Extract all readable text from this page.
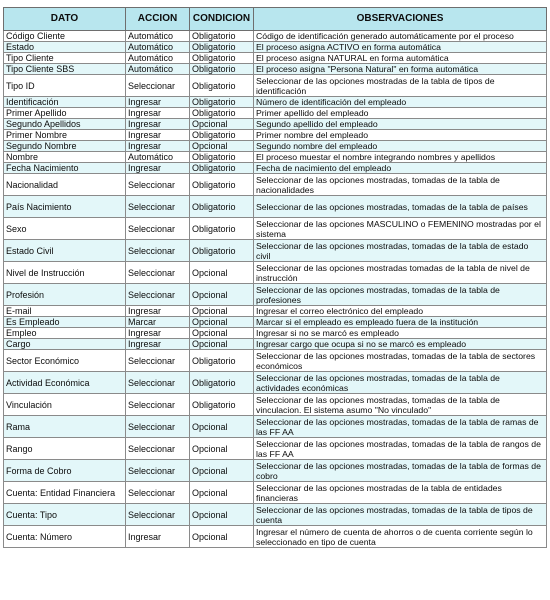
DATO	ACCION	CONDICION	OBSERVACIONES
Código Cliente	Automático	Obligatorio	Código de identificación generado automáticamente por el proceso
Estado	Automático	Obligatorio	El proceso asigna ACTIVO en forma automática
Tipo Cliente	Automático	Obligatorio	El proceso asigna NATURAL en forma automática
Tipo Cliente SBS	Automático	Obligatorio	El proceso asigna "Persona Natural" en forma automática
Tipo ID	Seleccionar	Obligatorio	Seleccionar de las opciones mostradas de la tabla de tipos de identificación
Identificación	Ingresar	Obligatorio	Número de identificación del empleado
Primer Apellido	Ingresar	Obligatorio	Primer apellido del empleado
Segundo Apellidos	Ingresar	Opcional	Segundo apellido del empleado
Primer Nombre	Ingresar	Obligatorio	Primer nombre del empleado
Segundo Nombre	Ingresar	Opcional	Segundo nombre del empleado
Nombre	Automático	Obligatorio	El proceso muestar el nombre integrando nombres y apellidos
Fecha Nacimiento	Ingresar	Obligatorio	Fecha de nacimiento del empleado
Nacionalidad	Seleccionar	Obligatorio	Seleccionar de las opciones mostradas, tomadas de la tabla de nacionalidades
País Nacimiento	Seleccionar	Obligatorio	Seleccionar de las opciones mostradas, tomadas de la tabla de países
Sexo	Seleccionar	Obligatorio	Seleccionar de las opciones MASCULINO o FEMENINO mostradas por el sistema
Estado Civil	Seleccionar	Obligatorio	Seleccionar de las opciones mostradas, tomadas de la tabla de estado civil
Nivel de Instrucción	Seleccionar	Opcional	Seleccionar de las opciones mostradas tomadas de la tabla de nivel de instrucción
Profesión	Seleccionar	Opcional	Seleccionar de las opciones mostradas, tomadas de la tabla de profesiones
E-mail	Ingresar	Opcional	Ingresar el correo electrónico del empleado
Es Empleado	Marcar	Opcional	Marcar si el empleado es empleado fuera de la institución
Empleo	Ingresar	Opcional	Ingresar si no se marcó es empleado
Cargo	Ingresar	Opcional	Ingresar cargo que ocupa si no se marcó es empleado
Sector Económico	Seleccionar	Obligatorio	Seleccionar de las opciones mostradas, tomadas de la tabla de sectores económicos
Actividad Económica	Seleccionar	Obligatorio	Seleccionar de las opciones mostradas, tomadas de la tabla de actividades económicas
Vinculación	Seleccionar	Obligatorio	Seleccionar de las opciones mostradas, tomadas de la tabla de vinculacion. El sistema asumo "No vinculado"
Rama	Seleccionar	Opcional	Seleccionar de las opciones mostradas, tomadas de la tabla de ramas de las FF AA
Rango	Seleccionar	Opcional	Seleccionar de las opciones mostradas, tomadas de la tabla de rangos de las FF AA
Forma de Cobro	Seleccionar	Opcional	Seleccionar de las opciones mostradas, tomadas de la tabla de formas de cobro
Cuenta: Entidad Financiera	Seleccionar	Opcional	Seleccionar de las opciones mostradas de la tabla de entidades financieras
Cuenta: Tipo	Seleccionar	Opcional	Seleccionar de las opciones mostradas, tomadas de la tabla de tipos de cuenta
Cuenta: Número	Ingresar	Opcional	Ingresar el número de cuenta de ahorros o de cuenta corriente según lo seleccionado en tipo de cuenta
